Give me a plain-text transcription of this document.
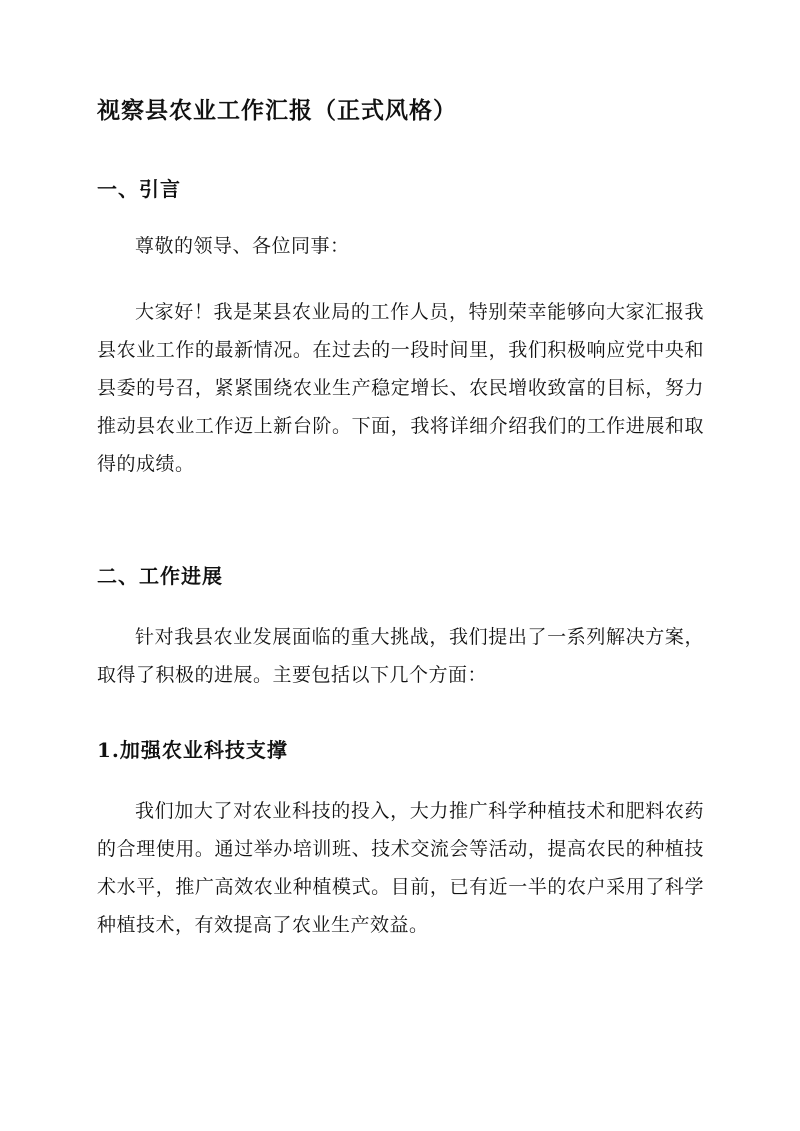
视察县农业工作汇报（正式风格）
一、引言

尊敬的领导、各位同事：

大家好！我是某县农业局的工作人员，特别荣幸能够向大家汇报我县农业工作的最新情况。在过去的一段时间里，我们积极响应党中央和县委的号召，紧紧围绕农业生产稳定增长、农民增收致富的目标，努力推动县农业工作迈上新台阶。下面，我将详细介绍我们的工作进展和取得的成绩。

二、工作进展

针对我县农业发展面临的重大挑战，我们提出了一系列解决方案，取得了积极的进展。主要包括以下几个方面：

1.加强农业科技支撑

我们加大了对农业科技的投入，大力推广科学种植技术和肥料农药的合理使用。通过举办培训班、技术交流会等活动，提高农民的种植技术水平，推广高效农业种植模式。目前，已有近一半的农户采用了科学种植技术，有效提高了农业生产效益。
